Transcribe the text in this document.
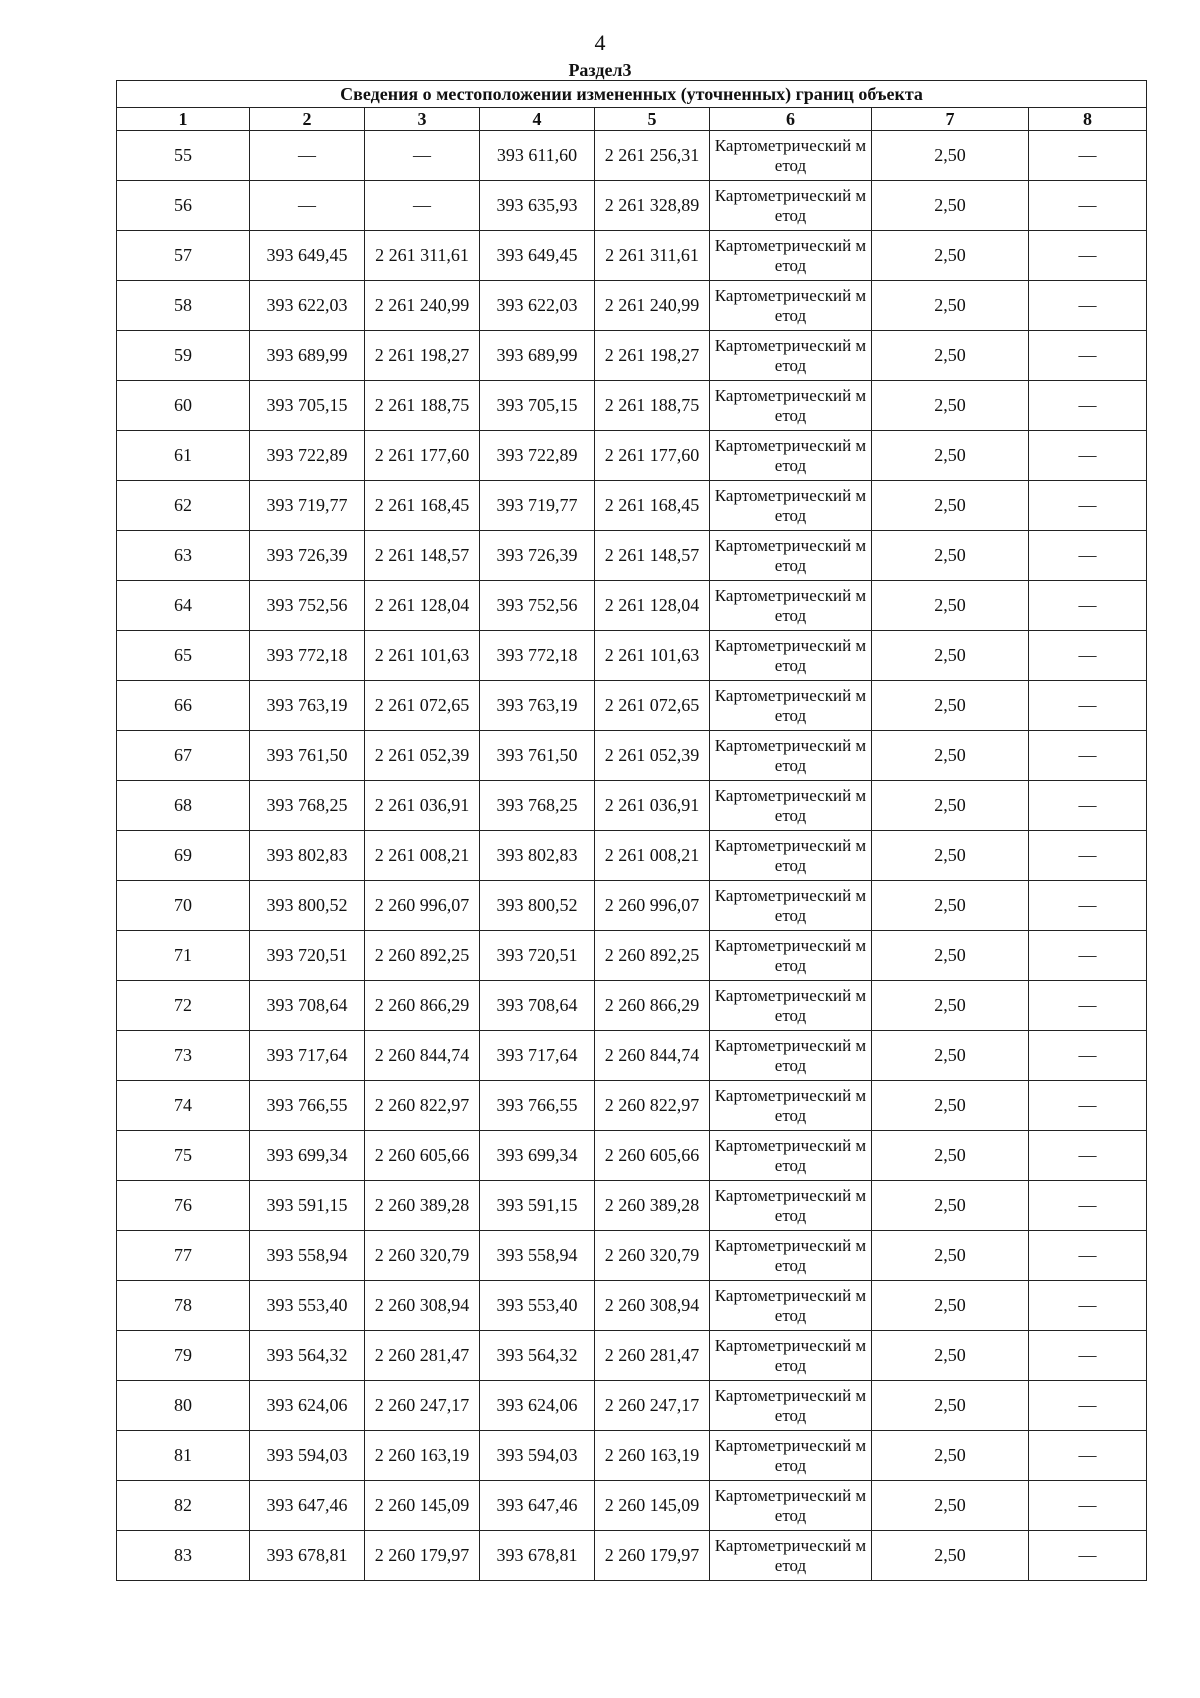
4
Раздел3
Сведения о местоположении измененных (уточненных) границ объекта							
1	2	3	4	5	6	7	8
55	—	—	393 611,60	2 261 256,31	Картометрический метод	2,50	—
56	—	—	393 635,93	2 261 328,89	Картометрический метод	2,50	—
57	393 649,45	2 261 311,61	393 649,45	2 261 311,61	Картометрический метод	2,50	—
58	393 622,03	2 261 240,99	393 622,03	2 261 240,99	Картометрический метод	2,50	—
59	393 689,99	2 261 198,27	393 689,99	2 261 198,27	Картометрический метод	2,50	—
60	393 705,15	2 261 188,75	393 705,15	2 261 188,75	Картометрический метод	2,50	—
61	393 722,89	2 261 177,60	393 722,89	2 261 177,60	Картометрический метод	2,50	—
62	393 719,77	2 261 168,45	393 719,77	2 261 168,45	Картометрический метод	2,50	—
63	393 726,39	2 261 148,57	393 726,39	2 261 148,57	Картометрический метод	2,50	—
64	393 752,56	2 261 128,04	393 752,56	2 261 128,04	Картометрический метод	2,50	—
65	393 772,18	2 261 101,63	393 772,18	2 261 101,63	Картометрический метод	2,50	—
66	393 763,19	2 261 072,65	393 763,19	2 261 072,65	Картометрический метод	2,50	—
67	393 761,50	2 261 052,39	393 761,50	2 261 052,39	Картометрический метод	2,50	—
68	393 768,25	2 261 036,91	393 768,25	2 261 036,91	Картометрический метод	2,50	—
69	393 802,83	2 261 008,21	393 802,83	2 261 008,21	Картометрический метод	2,50	—
70	393 800,52	2 260 996,07	393 800,52	2 260 996,07	Картометрический метод	2,50	—
71	393 720,51	2 260 892,25	393 720,51	2 260 892,25	Картометрический метод	2,50	—
72	393 708,64	2 260 866,29	393 708,64	2 260 866,29	Картометрический метод	2,50	—
73	393 717,64	2 260 844,74	393 717,64	2 260 844,74	Картометрический метод	2,50	—
74	393 766,55	2 260 822,97	393 766,55	2 260 822,97	Картометрический метод	2,50	—
75	393 699,34	2 260 605,66	393 699,34	2 260 605,66	Картометрический метод	2,50	—
76	393 591,15	2 260 389,28	393 591,15	2 260 389,28	Картометрический метод	2,50	—
77	393 558,94	2 260 320,79	393 558,94	2 260 320,79	Картометрический метод	2,50	—
78	393 553,40	2 260 308,94	393 553,40	2 260 308,94	Картометрический метод	2,50	—
79	393 564,32	2 260 281,47	393 564,32	2 260 281,47	Картометрический метод	2,50	—
80	393 624,06	2 260 247,17	393 624,06	2 260 247,17	Картометрический метод	2,50	—
81	393 594,03	2 260 163,19	393 594,03	2 260 163,19	Картометрический метод	2,50	—
82	393 647,46	2 260 145,09	393 647,46	2 260 145,09	Картометрический метод	2,50	—
83	393 678,81	2 260 179,97	393 678,81	2 260 179,97	Картометрический метод	2,50	—
